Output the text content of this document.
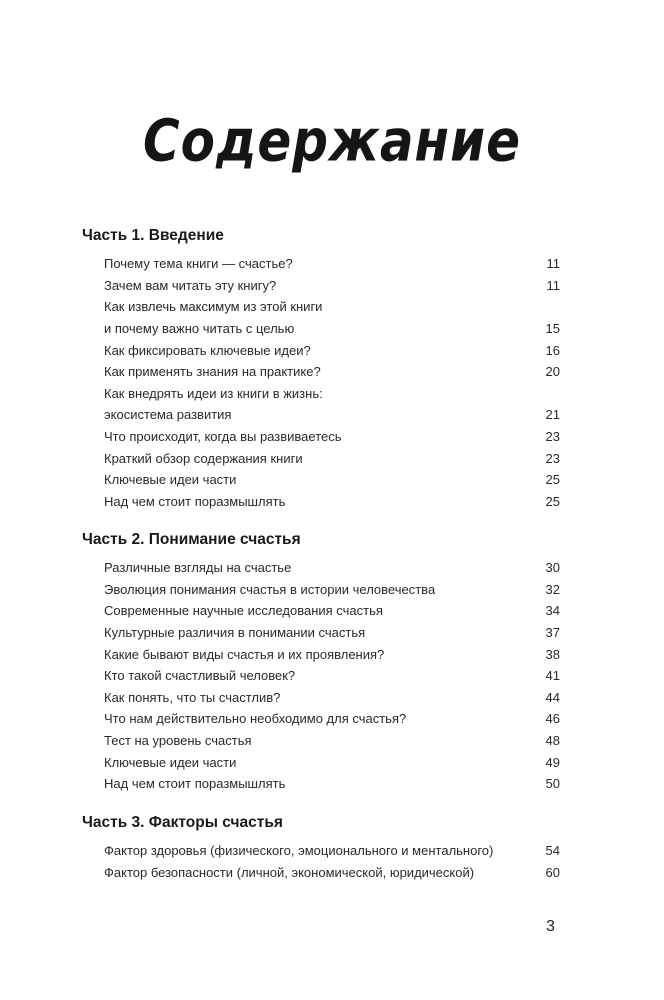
Содержание
Часть 1. Введение
Почему тема книги — счастье?	11
Зачем вам читать эту книгу?	11
Как извлечь максимум из этой книги
и почему важно читать с целью	15
Как фиксировать ключевые идеи?	16
Как применять знания на практике?	20
Как внедрять идеи из книги в жизнь:
экосистема развития	21
Что происходит, когда вы развиваетесь	23
Краткий обзор содержания книги	23
Ключевые идеи части	25
Над чем стоит поразмышлять	25
Часть 2. Понимание счастья
Различные взгляды на счастье	30
Эволюция понимания счастья в истории человечества	32
Современные научные исследования счастья	34
Культурные различия в понимании счастья	37
Какие бывают виды счастья и их проявления?	38
Кто такой счастливый человек?	41
Как понять, что ты счастлив?	44
Что нам действительно необходимо для счастья?	46
Тест на уровень счастья	48
Ключевые идеи части	49
Над чем стоит поразмышлять	50
Часть 3. Факторы счастья
Фактор здоровья (физического, эмоционального и ментального)	54
Фактор безопасности (личной, экономической, юридической)	60
3
